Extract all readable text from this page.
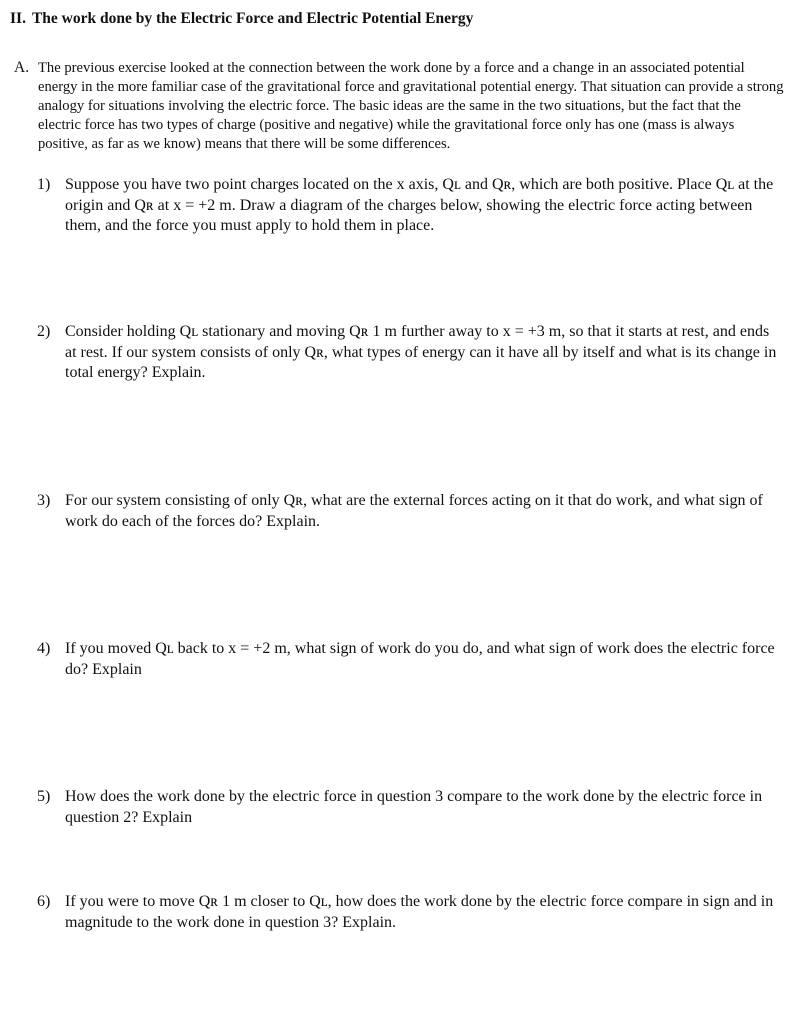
II. The work done by the Electric Force and Electric Potential Energy
A. The previous exercise looked at the connection between the work done by a force and a change in an associated potential energy in the more familiar case of the gravitational force and gravitational potential energy. That situation can provide a strong analogy for situations involving the electric force. The basic ideas are the same in the two situations, but the fact that the electric force has two types of charge (positive and negative) while the gravitational force only has one (mass is always positive, as far as we know) means that there will be some differences.
1) Suppose you have two point charges located on the x axis, Qʟ and Qʀ, which are both positive. Place Qʟ at the origin and Qʀ at x = +2 m. Draw a diagram of the charges below, showing the electric force acting between them, and the force you must apply to hold them in place.
2) Consider holding Qʟ stationary and moving Qʀ 1 m further away to x = +3 m, so that it starts at rest, and ends at rest. If our system consists of only Qʀ, what types of energy can it have all by itself and what is its change in total energy? Explain.
3) For our system consisting of only Qʀ, what are the external forces acting on it that do work, and what sign of work do each of the forces do? Explain.
4) If you moved Qʟ back to x = +2 m, what sign of work do you do, and what sign of work does the electric force do? Explain
5) How does the work done by the electric force in question 3 compare to the work done by the electric force in question 2? Explain
6) If you were to move Qʀ 1 m closer to Qʟ, how does the work done by the electric force compare in sign and in magnitude to the work done in question 3? Explain.
